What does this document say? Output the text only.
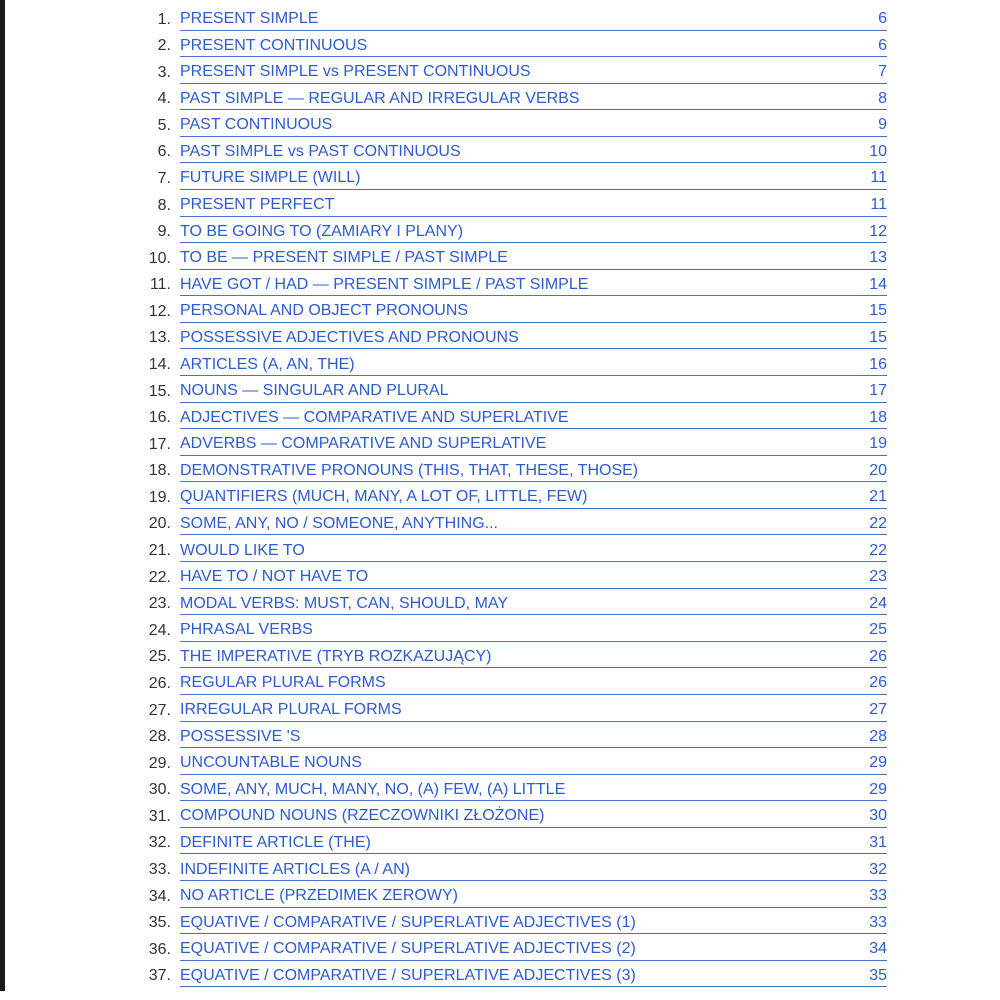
1. PRESENT SIMPLE	6
2. PRESENT CONTINUOUS	6
3. PRESENT SIMPLE vs PRESENT CONTINUOUS	7
4. PAST SIMPLE — REGULAR AND IRREGULAR VERBS	8
5. PAST CONTINUOUS	9
6. PAST SIMPLE vs PAST CONTINUOUS	10
7. FUTURE SIMPLE (WILL)	11
8. PRESENT PERFECT	11
9. TO BE GOING TO (ZAMIARY I PLANY)	12
10. TO BE — PRESENT SIMPLE / PAST SIMPLE	13
11. HAVE GOT / HAD — PRESENT SIMPLE / PAST SIMPLE	14
12. PERSONAL AND OBJECT PRONOUNS	15
13. POSSESSIVE ADJECTIVES AND PRONOUNS	15
14. ARTICLES (A, AN, THE)	16
15. NOUNS — SINGULAR AND PLURAL	17
16. ADJECTIVES — COMPARATIVE AND SUPERLATIVE	18
17. ADVERBS — COMPARATIVE AND SUPERLATIVE	19
18. DEMONSTRATIVE PRONOUNS (THIS, THAT, THESE, THOSE)	20
19. QUANTIFIERS (MUCH, MANY, A LOT OF, LITTLE, FEW)	21
20. SOME, ANY, NO / SOMEONE, ANYTHING...	22
21. WOULD LIKE TO	22
22. HAVE TO / NOT HAVE TO	23
23. MODAL VERBS: MUST, CAN, SHOULD, MAY	24
24. PHRASAL VERBS	25
25. THE IMPERATIVE (TRYB ROZKAZUJĄCY)	26
26. REGULAR PLURAL FORMS	26
27. IRREGULAR PLURAL FORMS	27
28. POSSESSIVE 'S	28
29. UNCOUNTABLE NOUNS	29
30. SOME, ANY, MUCH, MANY, NO, (A) FEW, (A) LITTLE	29
31. COMPOUND NOUNS (RZECZOWNIKI ZŁOŻONE)	30
32. DEFINITE ARTICLE (THE)	31
33. INDEFINITE ARTICLES (A / AN)	32
34. NO ARTICLE (PRZEDIMEK ZEROWY)	33
35. EQUATIVE / COMPARATIVE / SUPERLATIVE ADJECTIVES (1)	33
36. EQUATIVE / COMPARATIVE / SUPERLATIVE ADJECTIVES (2)	34
37. EQUATIVE / COMPARATIVE / SUPERLATIVE ADJECTIVES (3)	35
